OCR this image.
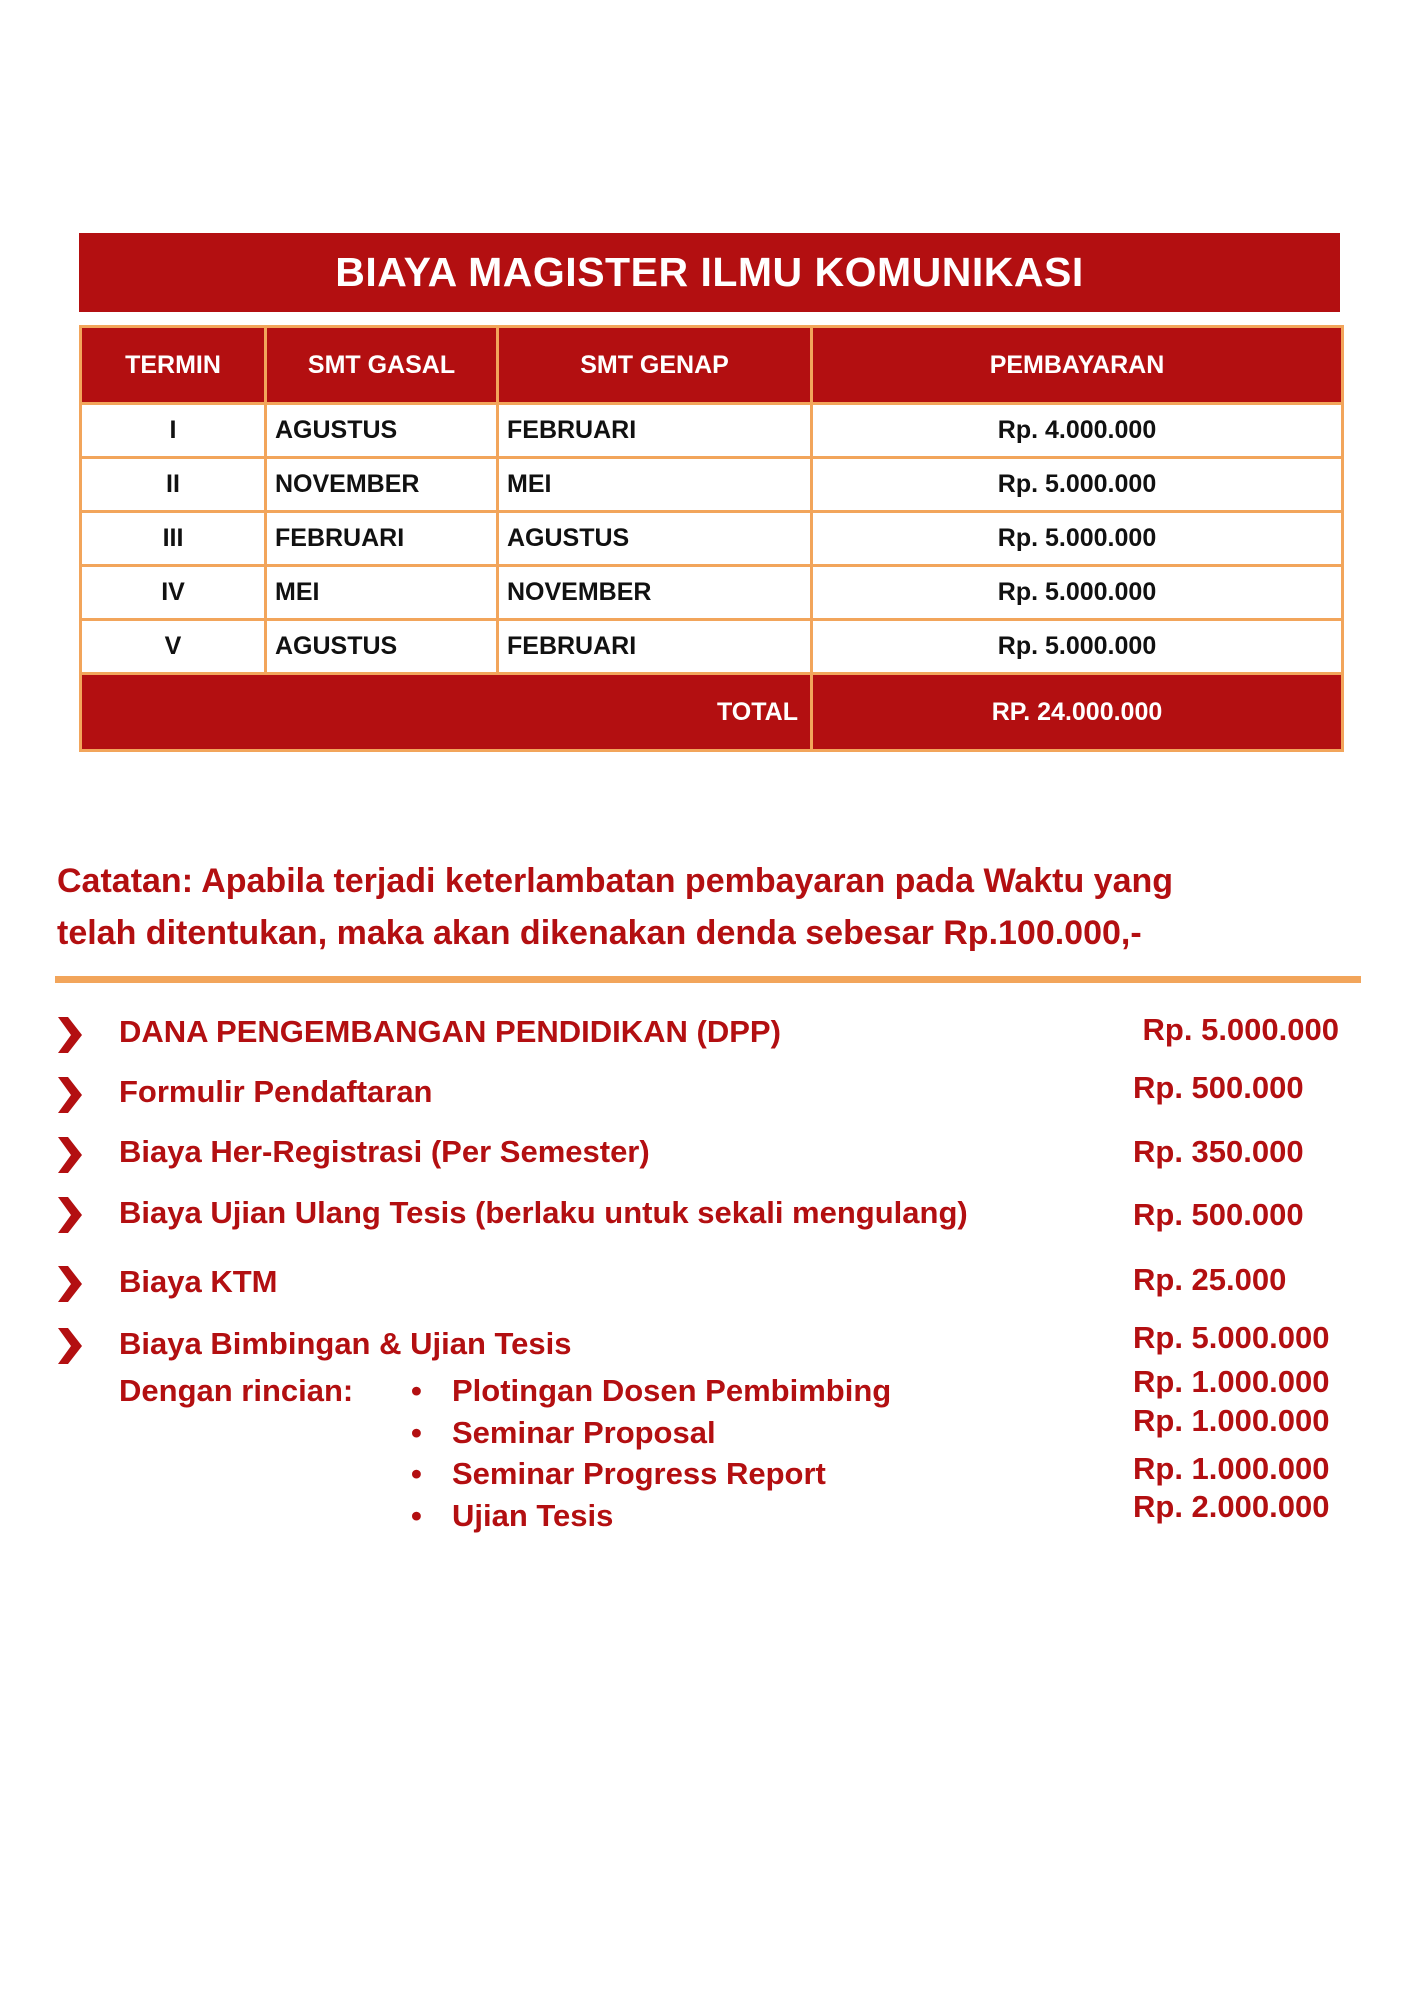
BIAYA MAGISTER ILMU KOMUNIKASI
TERMIN	SMT GASAL	SMT GENAP	PEMBAYARAN
I	AGUSTUS	FEBRUARI	Rp. 4.000.000
II	NOVEMBER	MEI	Rp. 5.000.000
III	FEBRUARI	AGUSTUS	Rp. 5.000.000
IV	MEI	NOVEMBER	Rp. 5.000.000
V	AGUSTUS	FEBRUARI	Rp. 5.000.000
TOTAL			RP. 24.000.000
Catatan: Apabila terjadi keterlambatan pembayaran pada Waktu yang
telah ditentukan, maka akan dikenakan denda sebesar Rp.100.000,-
DANA PENGEMBANGAN PENDIDIKAN (DPP)	Rp. 5.000.000
Formulir Pendaftaran	Rp. 500.000
Biaya Her-Registrasi (Per Semester)	Rp. 350.000
Biaya Ujian Ulang Tesis (berlaku untuk sekali mengulang)	Rp. 500.000
Biaya KTM	Rp. 25.000
Biaya Bimbingan & Ujian Tesis	Rp. 5.000.000
Dengan rincian: • Plotingan Dosen Pembimbing	Rp. 1.000.000
• Seminar Proposal	Rp. 1.000.000
• Seminar Progress Report	Rp. 1.000.000
• Ujian Tesis	Rp. 2.000.000
